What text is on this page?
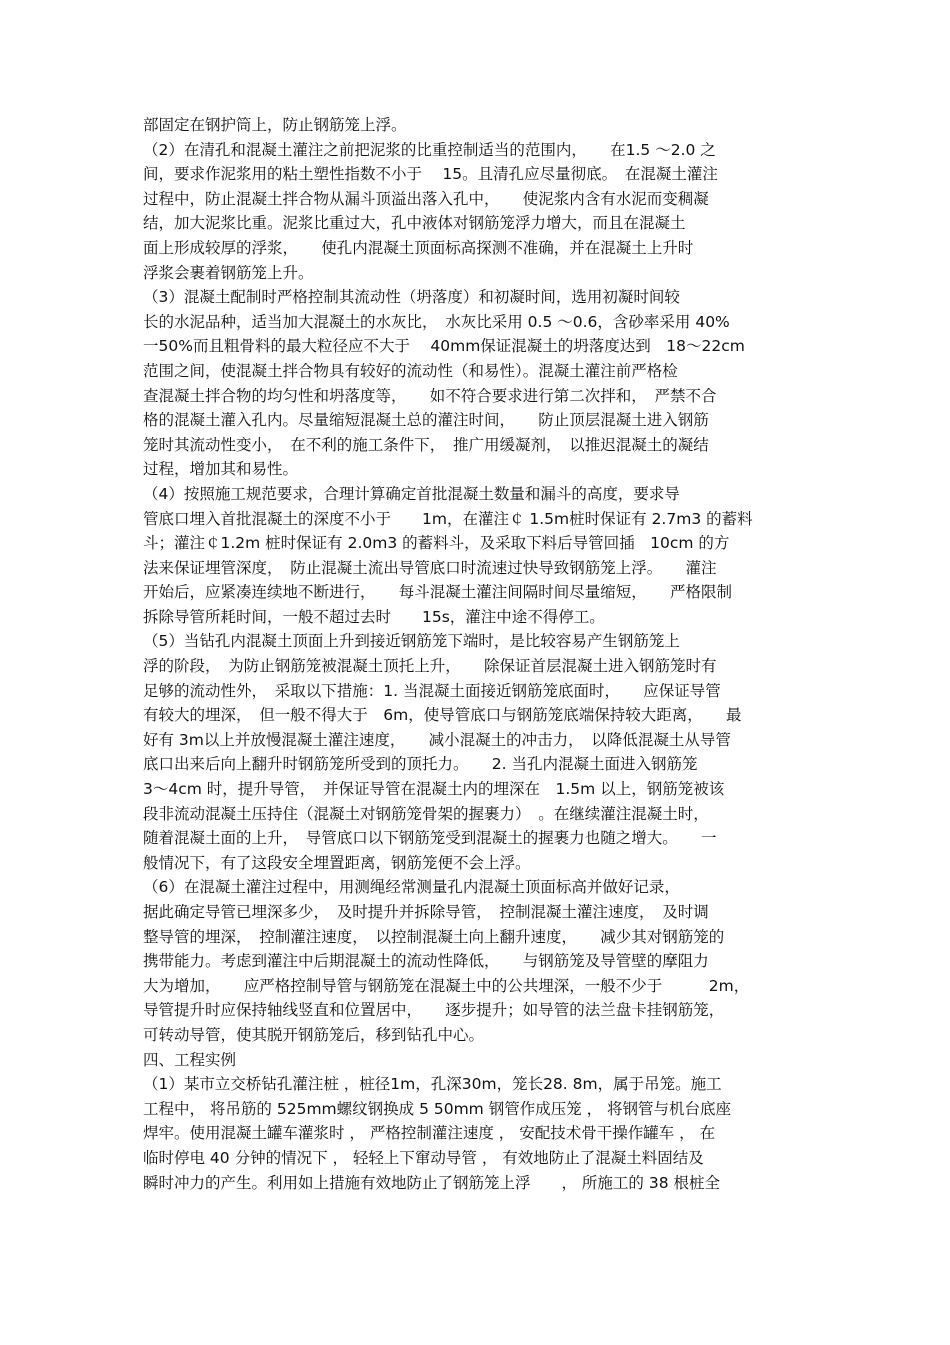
部固定在钢护筒上，防止钢筋笼上浮。
（2）在清孔和混凝土灌注之前把泥浆的比重控制适当的范围内，　　在1.5 ～2.0 之
间，要求作泥浆用的粘土塑性指数不小于　 15。且清孔应尽量彻底。　在混凝土灌注
过程中，防止混凝土拌合物从漏斗顶溢出落入孔中，　　使泥浆内含有水泥而变稠凝
结，加大泥浆比重。泥浆比重过大，孔中液体对钢筋笼浮力增大，而且在混凝土
面上形成较厚的浮浆，　　使孔内混凝土顶面标高探测不准确，并在混凝土上升时
浮浆会裹着钢筋笼上升。
（3）混凝土配制时严格控制其流动性（坍落度）和初凝时间，选用初凝时间较
长的水泥品种，适当加大混凝土的水灰比，　水灰比采用 0.5 ～0.6，含砂率采用 40%
一50%而且粗骨料的最大粒径应不大于　 40mm保证混凝土的坍落度达到　18～22cm
范围之间，使混凝土拌合物具有较好的流动性（和易性）。混凝土灌注前严格检
查混凝土拌合物的均匀性和坍落度等，　　如不符合要求进行第二次拌和，　严禁不合
格的混凝土灌入孔内。尽量缩短混凝土总的灌注时间，　　防止顶层混凝土进入钢筋
笼时其流动性变小，　在不利的施工条件下，　推广用缓凝剂，　以推迟混凝土的凝结
过程，增加其和易性。
（4）按照施工规范要求，合理计算确定首批混凝土数量和漏斗的高度，要求导
管底口埋入首批混凝土的深度不小于　　1m，在灌注￠ 1.5m桩时保证有 2.7m3 的蓄料
斗；灌注￠1.2m 桩时保证有 2.0m3 的蓄料斗，及采取下料后导管回插　10cm 的方
法来保证埋管深度，　防止混凝土流出导管底口时流速过快导致钢筋笼上浮。　　灌注
开始后，应紧凑连续地不断进行，　　每斗混凝土灌注间隔时间尽量缩短，　　严格限制
拆除导管所耗时间，一般不超过去时　　15s，灌注中途不得停工。
（5）当钻孔内混凝土顶面上升到接近钢筋笼下端时，是比较容易产生钢筋笼上
浮的阶段，　为防止钢筋笼被混凝土顶托上升，　　除保证首层混凝土进入钢筋笼时有
足够的流动性外，　采取以下措施：1. 当混凝土面接近钢筋笼底面时，　　应保证导管
有较大的埋深，　但一般不得大于　6m，使导管底口与钢筋笼底端保持较大距离，　　最
好有 3m以上并放慢混凝土灌注速度，　　减小混凝土的冲击力，　以降低混凝土从导管
底口出来后向上翻升时钢筋笼所受到的顶托力。　　2. 当孔内混凝土面进入钢筋笼
3～4cm 时，提升导管，　并保证导管在混凝土内的埋深在　1.5m 以上，钢筋笼被该
段非流动混凝土压持住（混凝土对钢筋笼骨架的握裹力）　。在继续灌注混凝土时，
随着混凝土面的上升，　导管底口以下钢筋笼受到混凝土的握裹力也随之增大。　　一
般情况下，有了这段安全埋置距离，钢筋笼便不会上浮。
（6）在混凝土灌注过程中，用测绳经常测量孔内混凝土顶面标高并做好记录，
据此确定导管已埋深多少，　及时提升并拆除导管，　控制混凝土灌注速度，　及时调
整导管的埋深，　控制灌注速度，　以控制混凝土向上翻升速度，　　减少其对钢筋笼的
携带能力。考虑到灌注中后期混凝土的流动性降低，　　与钢筋笼及导管壁的摩阻力
大为增加，　　应严格控制导管与钢筋笼在混凝土中的公共埋深，一般不少于　　　2m，
导管提升时应保持轴线竖直和位置居中，　　逐步提升；如导管的法兰盘卡挂钢筋笼，
可转动导管，使其脱开钢筋笼后，移到钻孔中心。
四、工程实例
（1）某市立交桥钻孔灌注桩 ，桩径1m，孔深30m，笼长28. 8m，属于吊笼。施工
工程中， 将吊筋的 525mm螺纹钢换成 5 50mm 钢管作成压笼 ， 将钢管与机台底座
焊牢。使用混凝土罐车灌浆时 ， 严格控制灌注速度 ， 安配技术骨干操作罐车 ， 在
临时停电 40 分钟的情况下 ， 轻轻上下窜动导管 ， 有效地防止了混凝土料固结及
瞬时冲力的产生。利用如上措施有效地防止了钢筋笼上浮　　， 所施工的 38 根桩全
